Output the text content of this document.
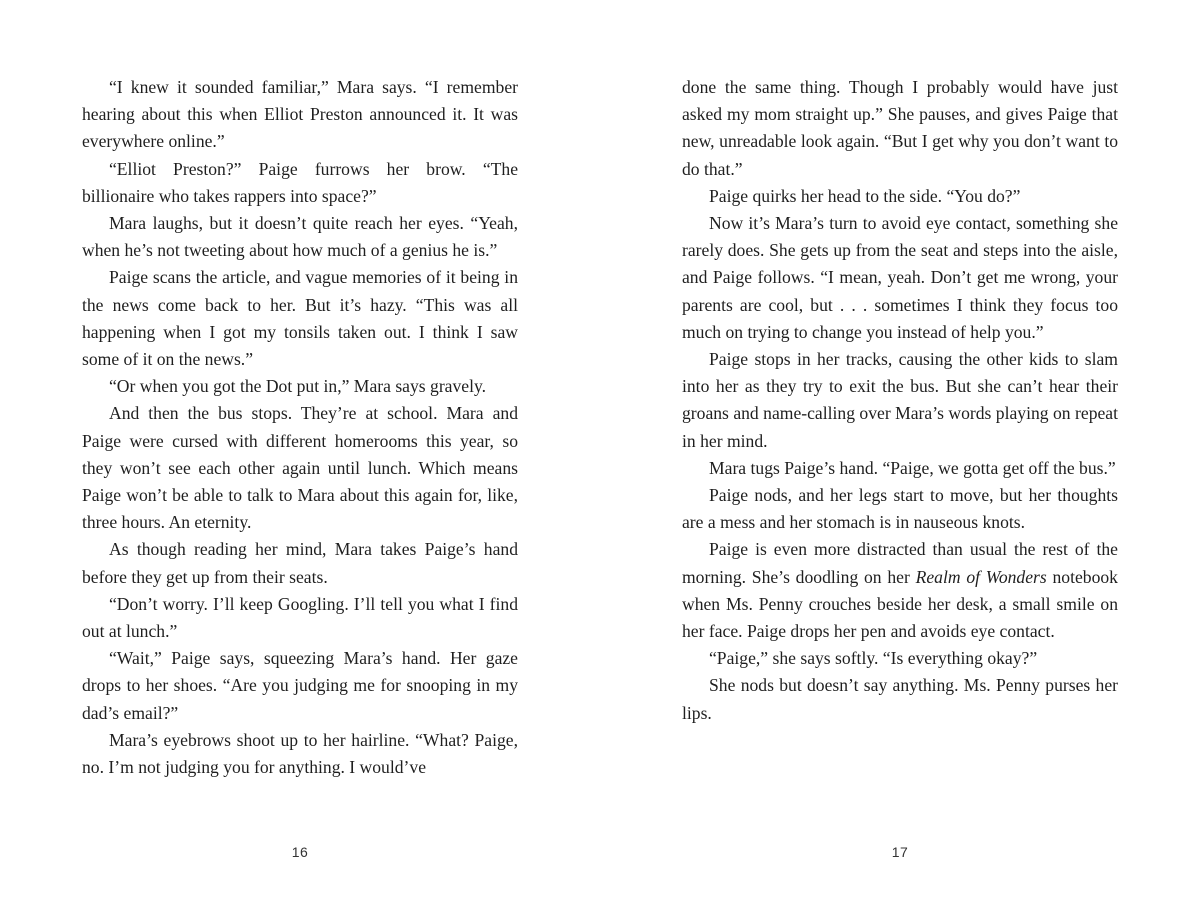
“I knew it sounded familiar,” Mara says. “I remember hearing about this when Elliot Preston announced it. It was everywhere online.”

“Elliot Preston?” Paige furrows her brow. “The billionaire who takes rappers into space?”

Mara laughs, but it doesn’t quite reach her eyes. “Yeah, when he’s not tweeting about how much of a genius he is.”

Paige scans the article, and vague memories of it being in the news come back to her. But it’s hazy. “This was all happening when I got my tonsils taken out. I think I saw some of it on the news.”

“Or when you got the Dot put in,” Mara says gravely.

And then the bus stops. They’re at school. Mara and Paige were cursed with different homerooms this year, so they won’t see each other again until lunch. Which means Paige won’t be able to talk to Mara about this again for, like, three hours. An eternity.

As though reading her mind, Mara takes Paige’s hand before they get up from their seats.

“Don’t worry. I’ll keep Googling. I’ll tell you what I find out at lunch.”

“Wait,” Paige says, squeezing Mara’s hand. Her gaze drops to her shoes. “Are you judging me for snooping in my dad’s email?”

Mara’s eyebrows shoot up to her hairline. “What? Paige, no. I’m not judging you for anything. I would’ve

16

done the same thing. Though I probably would have just asked my mom straight up.” She pauses, and gives Paige that new, unreadable look again. “But I get why you don’t want to do that.”

Paige quirks her head to the side. “You do?”

Now it’s Mara’s turn to avoid eye contact, something she rarely does. She gets up from the seat and steps into the aisle, and Paige follows. “I mean, yeah. Don’t get me wrong, your parents are cool, but . . . sometimes I think they focus too much on trying to change you instead of help you.”

Paige stops in her tracks, causing the other kids to slam into her as they try to exit the bus. But she can’t hear their groans and name-calling over Mara’s words playing on repeat in her mind.

Mara tugs Paige’s hand. “Paige, we gotta get off the bus.”

Paige nods, and her legs start to move, but her thoughts are a mess and her stomach is in nauseous knots.

Paige is even more distracted than usual the rest of the morning. She’s doodling on her Realm of Wonders notebook when Ms. Penny crouches beside her desk, a small smile on her face. Paige drops her pen and avoids eye contact.

“Paige,” she says softly. “Is everything okay?”

She nods but doesn’t say anything. Ms. Penny purses her lips.

17
